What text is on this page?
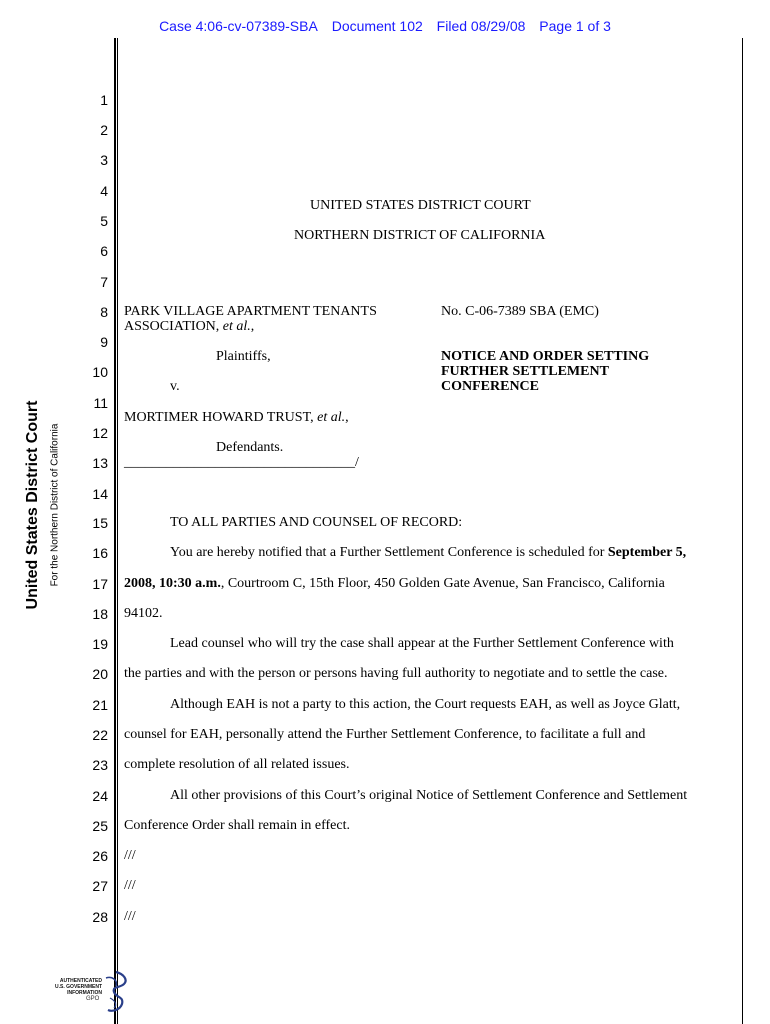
Case 4:06-cv-07389-SBA Document 102 Filed 08/29/08 Page 1 of 3
United States District Court For the Northern District of California
1
2
3
4
5
6
7
8
9
10
11
12
13
14
15
16
17
18
19
20
21
22
23
24
25
26
27
28
UNITED STATES DISTRICT COURT
NORTHERN DISTRICT OF CALIFORNIA
PARK VILLAGE APARTMENT TENANTS
ASSOCIATION, et al.,
Plaintiffs,
v.
MORTIMER HOWARD TRUST, et al.,
Defendants.
_________________________________/
No. C-06-7389 SBA (EMC)
NOTICE AND ORDER SETTING
FURTHER SETTLEMENT
CONFERENCE
TO ALL PARTIES AND COUNSEL OF RECORD:
You are hereby notified that a Further Settlement Conference is scheduled for September 5,
2008, 10:30 a.m., Courtroom C, 15th Floor, 450 Golden Gate Avenue, San Francisco, California
94102.
Lead counsel who will try the case shall appear at the Further Settlement Conference with
the parties and with the person or persons having full authority to negotiate and to settle the case.
Although EAH is not a party to this action, the Court requests EAH, as well as Joyce Glatt,
counsel for EAH, personally attend the Further Settlement Conference, to facilitate a full and
complete resolution of all related issues.
All other provisions of this Court’s original Notice of Settlement Conference and Settlement
Conference Order shall remain in effect.
///
///
///
AUTHENTICATED
U.S. GOVERNMENT
INFORMATION
GPO
